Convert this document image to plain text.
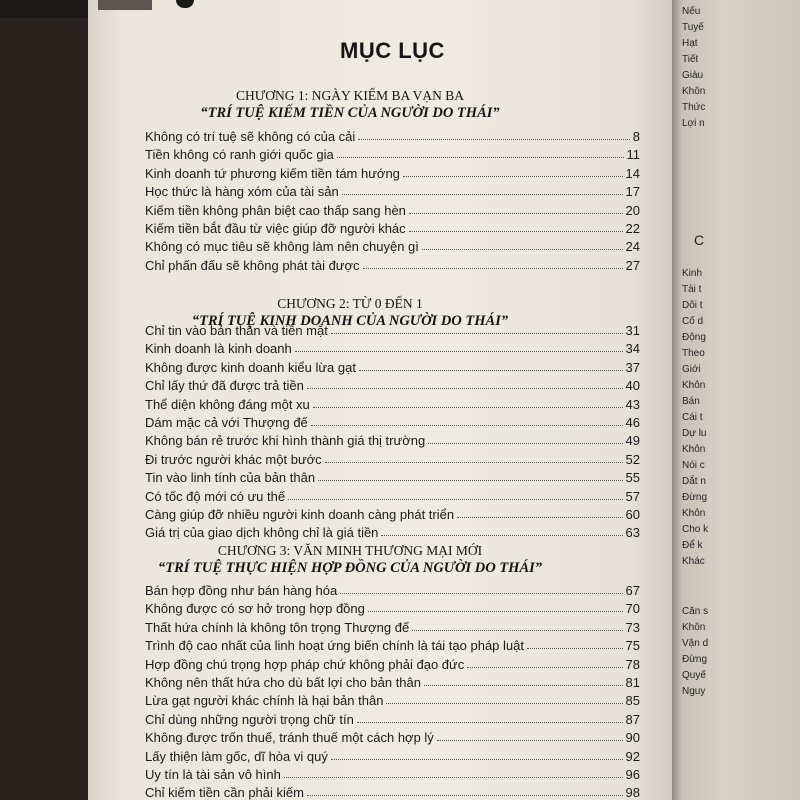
MỤC LỤC
CHƯƠNG 1: NGÀY KIẾM BA VẠN BA
“TRÍ TUỆ KIẾM TIỀN CỦA NGƯỜI DO THÁI”
Không có trí tuệ sẽ không có của cải	8
Tiền không có ranh giới quốc gia	11
Kinh doanh tứ phương kiếm tiền tám hướng	14
Học thức là hàng xóm của tài sản	17
Kiếm tiền không phân biệt cao thấp sang hèn	20
Kiếm tiền bắt đầu từ việc giúp đỡ người khác	22
Không có mục tiêu sẽ không làm nên chuyện gì	24
Chỉ phấn đấu sẽ không phát tài được	27
CHƯƠNG 2: TỪ 0 ĐẾN 1
“TRÍ TUỆ KINH DOANH CỦA NGƯỜI DO THÁI”
Chỉ tin vào bản thân và tiền mặt	31
Kinh doanh là kinh doanh	34
Không được kinh doanh kiểu lừa gạt	37
Chỉ lấy thứ đã được trả tiền	40
Thể diện không đáng một xu	43
Dám mặc cả với Thượng đế	46
Không bán rẻ trước khi hình thành giá thị trường	49
Đi trước người khác một bước	52
Tin vào linh tính của bản thân	55
Có tốc độ mới có ưu thế	57
Càng giúp đỡ nhiều người kinh doanh càng phát triển	60
Giá trị của giao dịch không chỉ là giá tiền	63
CHƯƠNG 3: VĂN MINH THƯƠNG MẠI MỚI
“TRÍ TUỆ THỰC HIỆN HỢP ĐỒNG CỦA NGƯỜI DO THÁI”
Bán hợp đồng như bán hàng hóa	67
Không được có sơ hở trong hợp đồng	70
Thất hứa chính là không tôn trọng Thượng đế	73
Trình độ cao nhất của linh hoạt ứng biến chính là tái tạo pháp luật	75
Hợp đồng chú trọng hợp pháp chứ không phải đạo đức	78
Không nên thất hứa cho dù bất lợi cho bản thân	81
Lừa gạt người khác chính là hại bản thân	85
Chỉ dùng những người trọng chữ tín	87
Không được trốn thuế, tránh thuế một cách hợp lý	90
Lấy thiện làm gốc, dĩ hòa vi quý	92
Uy tín là tài sản vô hình	96
Chỉ kiếm tiền cần phải kiếm	98
Nếu
Tuyế
Hạt
Tiết
Giàu
Khôn
Thức
Lợi n
C
Kinh
Tài t
Dõi t
Cố d
Động
Theo
Giới
Khôn
Bán
Cái t
Dự lu
Khôn
Nói c
Dắt n
Đừng
Khôn
Cho k
Để k
Khác
Căn s
Khôn
Vận d
Đừng
Quyế
Nguy
